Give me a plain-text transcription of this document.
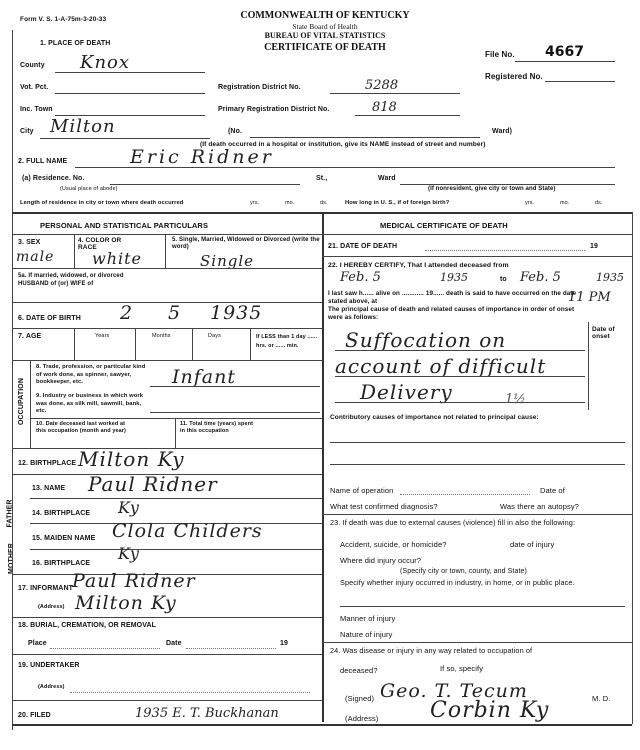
Form V. S. 1-A-75m-3-20-33	COMMONWEALTH OF KENTUCKY
State Board of Health
BUREAU OF VITAL STATISTICS
CERTIFICATE OF DEATH
File No. 4667
Registered No.
1. PLACE OF DEATH
County Knox
Vot. Pct.	Registration District No.	5288
Inc. Town	Primary Registration District No.	818
City Milton	(No.	Ward)
(If death occurred in a hospital or institution, give its NAME instead of street and number)
2. FULL NAME	Eric Ridner
(a) Residence. No.
(Usual place of abode)
St.,	Ward
(If nonresident, give city or town and State)
Length of residence in city or town where death occurred	yrs.	mo.	ds.	How long in U. S., if of foreign birth?	yrs.	mo.	ds.
PERSONAL AND STATISTICAL PARTICULARS
3. SEX	4. COLOR OR RACE
5. Single, Married, Widowed or Divorced (write the word)
male white	Single
5a. If married, widowed, or divorced HUSBAND of (or) WIFE of
6. DATE OF BIRTH 2 5 1935
7. AGE	Years	Months	Days	If LESS than 1 day ...... hrs. or ...... min.
OCCUPATION
8. Trade, profession, or particular kind of work done, as spinner, sawyer, bookkeeper, etc.	Infant
9. Industry or business in which work was done, as silk mill, sawmill, bank, etc.
10. Date deceased last worked at this occupation (month and year)
11. Total time (years) spent in this occupation
12. BIRTHPLACE Milton Ky
FATHER
MOTHER
13. NAME Paul Ridner
14. BIRTHPLACE Ky
15. MAIDEN NAME Clola Childers
16. BIRTHPLACE
Ky
17. INFORMANT Paul Ridner
(Address) Milton Ky
18. BURIAL, CREMATION, OR REMOVAL
Place	Date	19
19. UNDERTAKER
(Address)
20. FILED	1935 E. T. Buckhanan
MEDICAL CERTIFICATE OF DEATH
21. DATE OF DEATH	19
22. I HEREBY CERTIFY, That I attended deceased from
Feb. 5	1935	to Feb. 5	1935
I last saw h...... alive on ............ 19...... death is said to have occurred on the date stated above, at	11 PM
The principal cause of death and related causes of importance in order of onset were as follows:
Date of onset
Suffocation on
account of difficult
Delivery	1½
Contributory causes of importance not related to principal cause:
Name of operation	Date of
What test confirmed diagnosis?	Was there an autopsy?
23. If death was due to external causes (violence) fill in also the following:
Accident, suicide, or homicide?	date of injury
Where did injury occur?
(Specify city or town, county, and State)
Specify whether injury occurred in industry, in home, or in public place.
Manner of injury
Nature of injury
24. Was disease or injury in any way related to occupation of
deceased?	If so, specify
(Signed) Geo. T. Tecum	M. D.
(Address) Corbin Ky
